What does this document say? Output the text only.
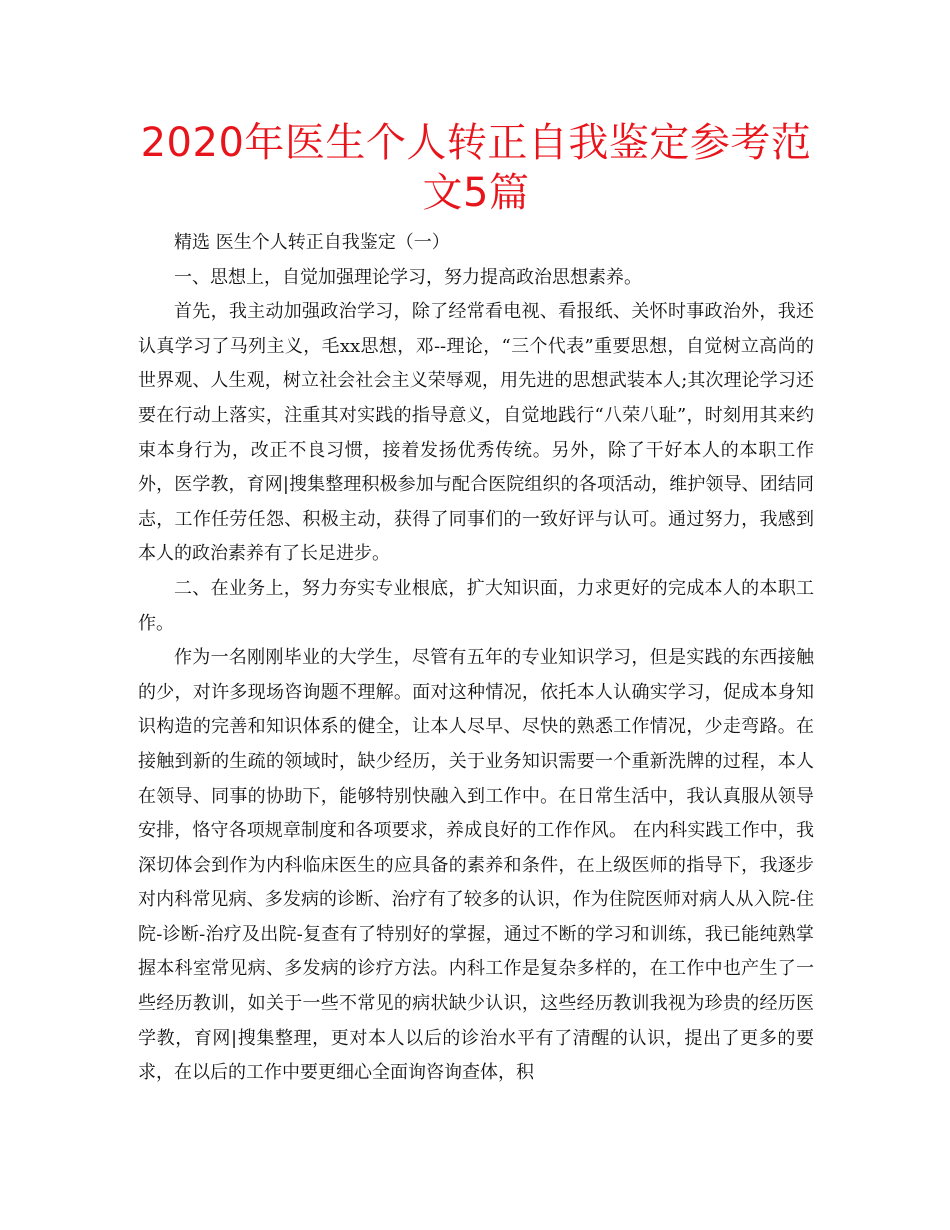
2020年医生个人转正自我鉴定参考范文5篇

精选 医生个人转正自我鉴定（一）

一、思想上，自觉加强理论学习，努力提高政治思想素养。

首先，我主动加强政治学习，除了经常看电视、看报纸、关怀时事政治外，我还认真学习了马列主义，毛xx思想，邓--理论，“三个代表”重要思想，自觉树立高尚的世界观、人生观，树立社会社会主义荣辱观，用先进的思想武装本人;其次理论学习还要在行动上落实，注重其对实践的指导意义，自觉地践行“八荣八耻”，时刻用其来约束本身行为，改正不良习惯，接着发扬优秀传统。另外，除了干好本人的本职工作外，医学教，育网|搜集整理积极参加与配合医院组织的各项活动，维护领导、团结同志，工作任劳任怨、积极主动，获得了同事们的一致好评与认可。通过努力，我感到本人的政治素养有了长足进步。

二、在业务上，努力夯实专业根底，扩大知识面，力求更好的完成本人的本职工作。

作为一名刚刚毕业的大学生，尽管有五年的专业知识学习，但是实践的东西接触的少，对许多现场咨询题不理解。面对这种情况，依托本人认确实学习，促成本身知识构造的完善和知识体系的健全，让本人尽早、尽快的熟悉工作情况，少走弯路。在接触到新的生疏的领域时，缺少经历，关于业务知识需要一个重新洗牌的过程，本人在领导、同事的协助下，能够特别快融入到工作中。在日常生活中，我认真服从领导安排，恪守各项规章制度和各项要求，养成良好的工作作风。 在内科实践工作中，我深切体会到作为内科临床医生的应具备的素养和条件，在上级医师的指导下，我逐步对内科常见病、多发病的诊断、治疗有了较多的认识，作为住院医师对病人从入院-住院-诊断-治疗及出院-复查有了特别好的掌握，通过不断的学习和训练，我已能纯熟掌握本科室常见病、多发病的诊疗方法。内科工作是复杂多样的，在工作中也产生了一些经历教训，如关于一些不常见的病状缺少认识，这些经历教训我视为珍贵的经历医学教，育网|搜集整理，更对本人以后的诊治水平有了清醒的认识，提出了更多的要求，在以后的工作中要更细心全面询咨询查体，积
